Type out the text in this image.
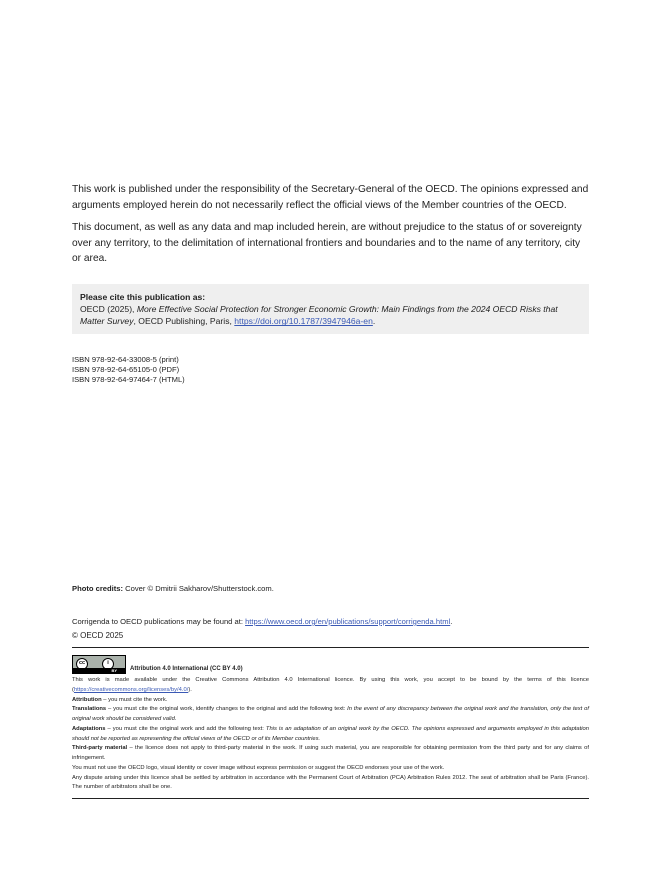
This work is published under the responsibility of the Secretary-General of the OECD. The opinions expressed and arguments employed herein do not necessarily reflect the official views of the Member countries of the OECD.

This document, as well as any data and map included herein, are without prejudice to the status of or sovereignty over any territory, to the delimitation of international frontiers and boundaries and to the name of any territory, city or area.

Please cite this publication as:
OECD (2025), More Effective Social Protection for Stronger Economic Growth: Main Findings from the 2024 OECD Risks that Matter Survey, OECD Publishing, Paris, https://doi.org/10.1787/3947946a-en.
ISBN 978-92-64-33008-5 (print)
ISBN 978-92-64-65105-0 (PDF)
ISBN 978-92-64-97464-7 (HTML)
Photo credits: Cover © Dmitrii Sakharov/Shutterstock.com.
Corrigenda to OECD publications may be found at: https://www.oecd.org/en/publications/support/corrigenda.html.
© OECD 2025
cc	i
BY Attribution 4.0 International (CC BY 4.0)

This work is made available under the Creative Commons Attribution 4.0 International licence. By using this work, you accept to be bound by the terms of this licence (https://creativecommons.org/licenses/by/4.0/).

Attribution – you must cite the work.

Translations – you must cite the original work, identify changes to the original and add the following text: In the event of any discrepancy between the original work and the translation, only the text of original work should be considered valid.

Adaptations – you must cite the original work and add the following text: This is an adaptation of an original work by the OECD. The opinions expressed and arguments employed in this adaptation should not be reported as representing the official views of the OECD or of its Member countries.

Third-party material – the licence does not apply to third-party material in the work. If using such material, you are responsible for obtaining permission from the third party and for any claims of infringement.

You must not use the OECD logo, visual identity or cover image without express permission or suggest the OECD endorses your use of the work.

Any dispute arising under this licence shall be settled by arbitration in accordance with the Permanent Court of Arbitration (PCA) Arbitration Rules 2012. The seat of arbitration shall be Paris (France). The number of arbitrators shall be one.
